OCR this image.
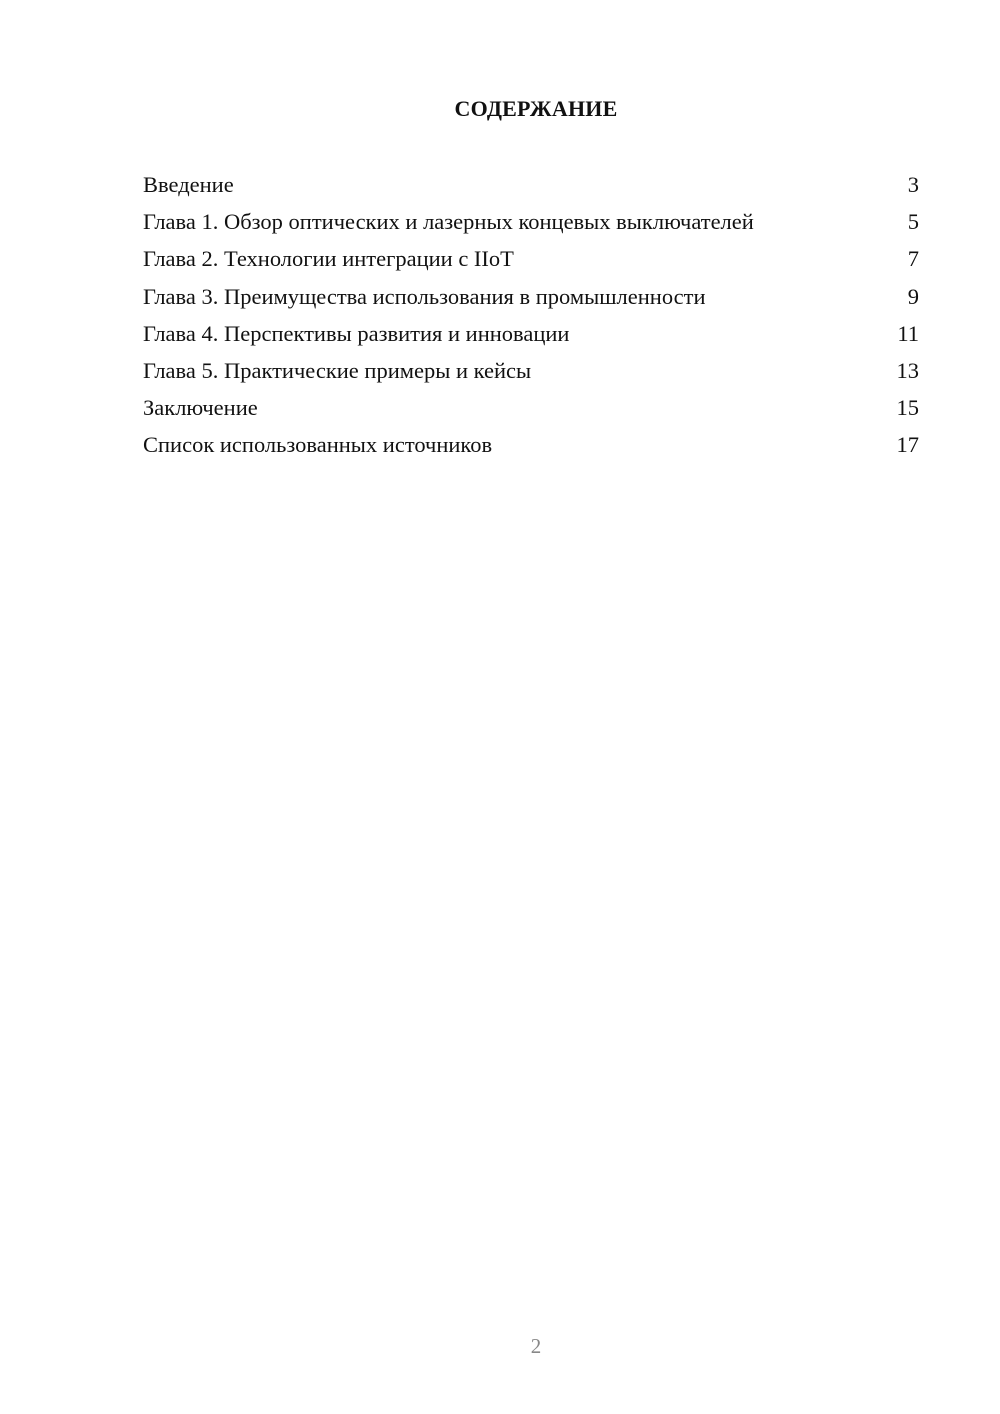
СОДЕРЖАНИЕ
Введение	3
Глава 1. Обзор оптических и лазерных концевых выключателей	5
Глава 2. Технологии интеграции с IIoT	7
Глава 3. Преимущества использования в промышленности	9
Глава 4. Перспективы развития и инновации	11
Глава 5. Практические примеры и кейсы	13
Заключение	15
Список использованных источников	17
2
